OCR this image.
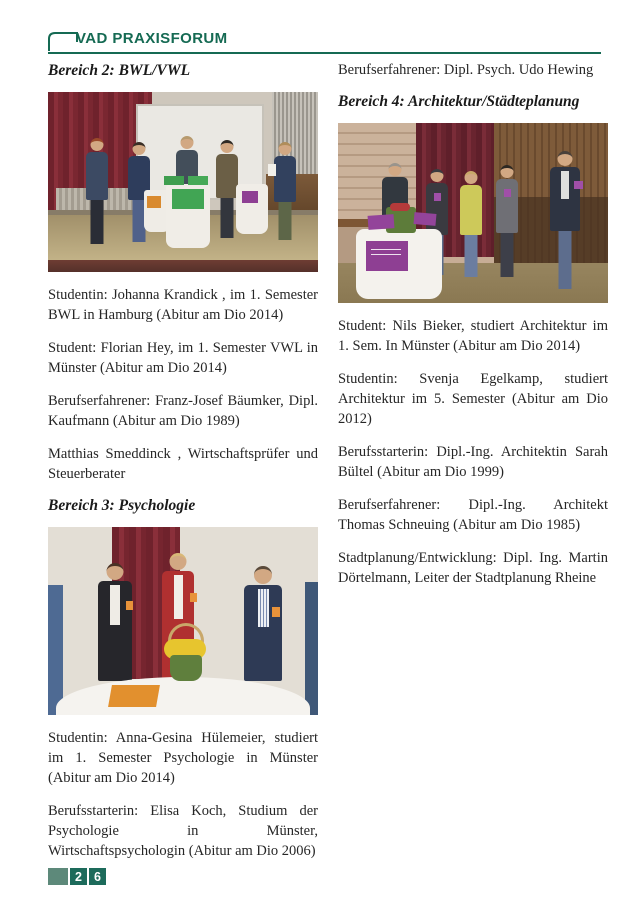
VAD PRAXISFORUM
Bereich 2: BWL/VWL

Studentin: Johanna Krandick , im 1. Semester BWL in Hamburg (Abitur am Dio 2014)

Student: Florian Hey, im 1. Semester VWL in Münster (Abitur am Dio 2014)

Berufserfahrener: Franz-Josef Bäumker, Dipl. Kaufmann (Abitur am Dio 1989)

Matthias Smeddinck , Wirtschaftsprüfer und Steuerberater

Bereich 3: Psychologie

Studentin: Anna-Gesina Hülemeier, studiert im 1. Semester Psychologie in Münster (Abitur am Dio 2014)

Berufsstarterin: Elisa Koch, Studium der Psychologie in Münster, Wirtschaftspsychologin (Abitur am Dio 2006)

Berufserfahrener: Dipl. Psych. Udo Hewing

Bereich 4: Architektur/Städteplanung

Student: Nils Bieker, studiert Architektur im 1. Sem. In Münster (Abitur am Dio 2014)

Studentin: Svenja Egelkamp, studiert Architektur im 5. Semester (Abitur am Dio 2012)

Berufsstarterin: Dipl.-Ing. Architektin Sarah Bültel (Abitur am Dio 1999)

Berufserfahrener: Dipl.-Ing. Architekt Thomas Schneuing (Abitur am Dio 1985)

Stadtplanung/Entwicklung: Dipl. Ing. Martin Dörtelmann, Leiter der Stadtplanung Rheine

2 6
